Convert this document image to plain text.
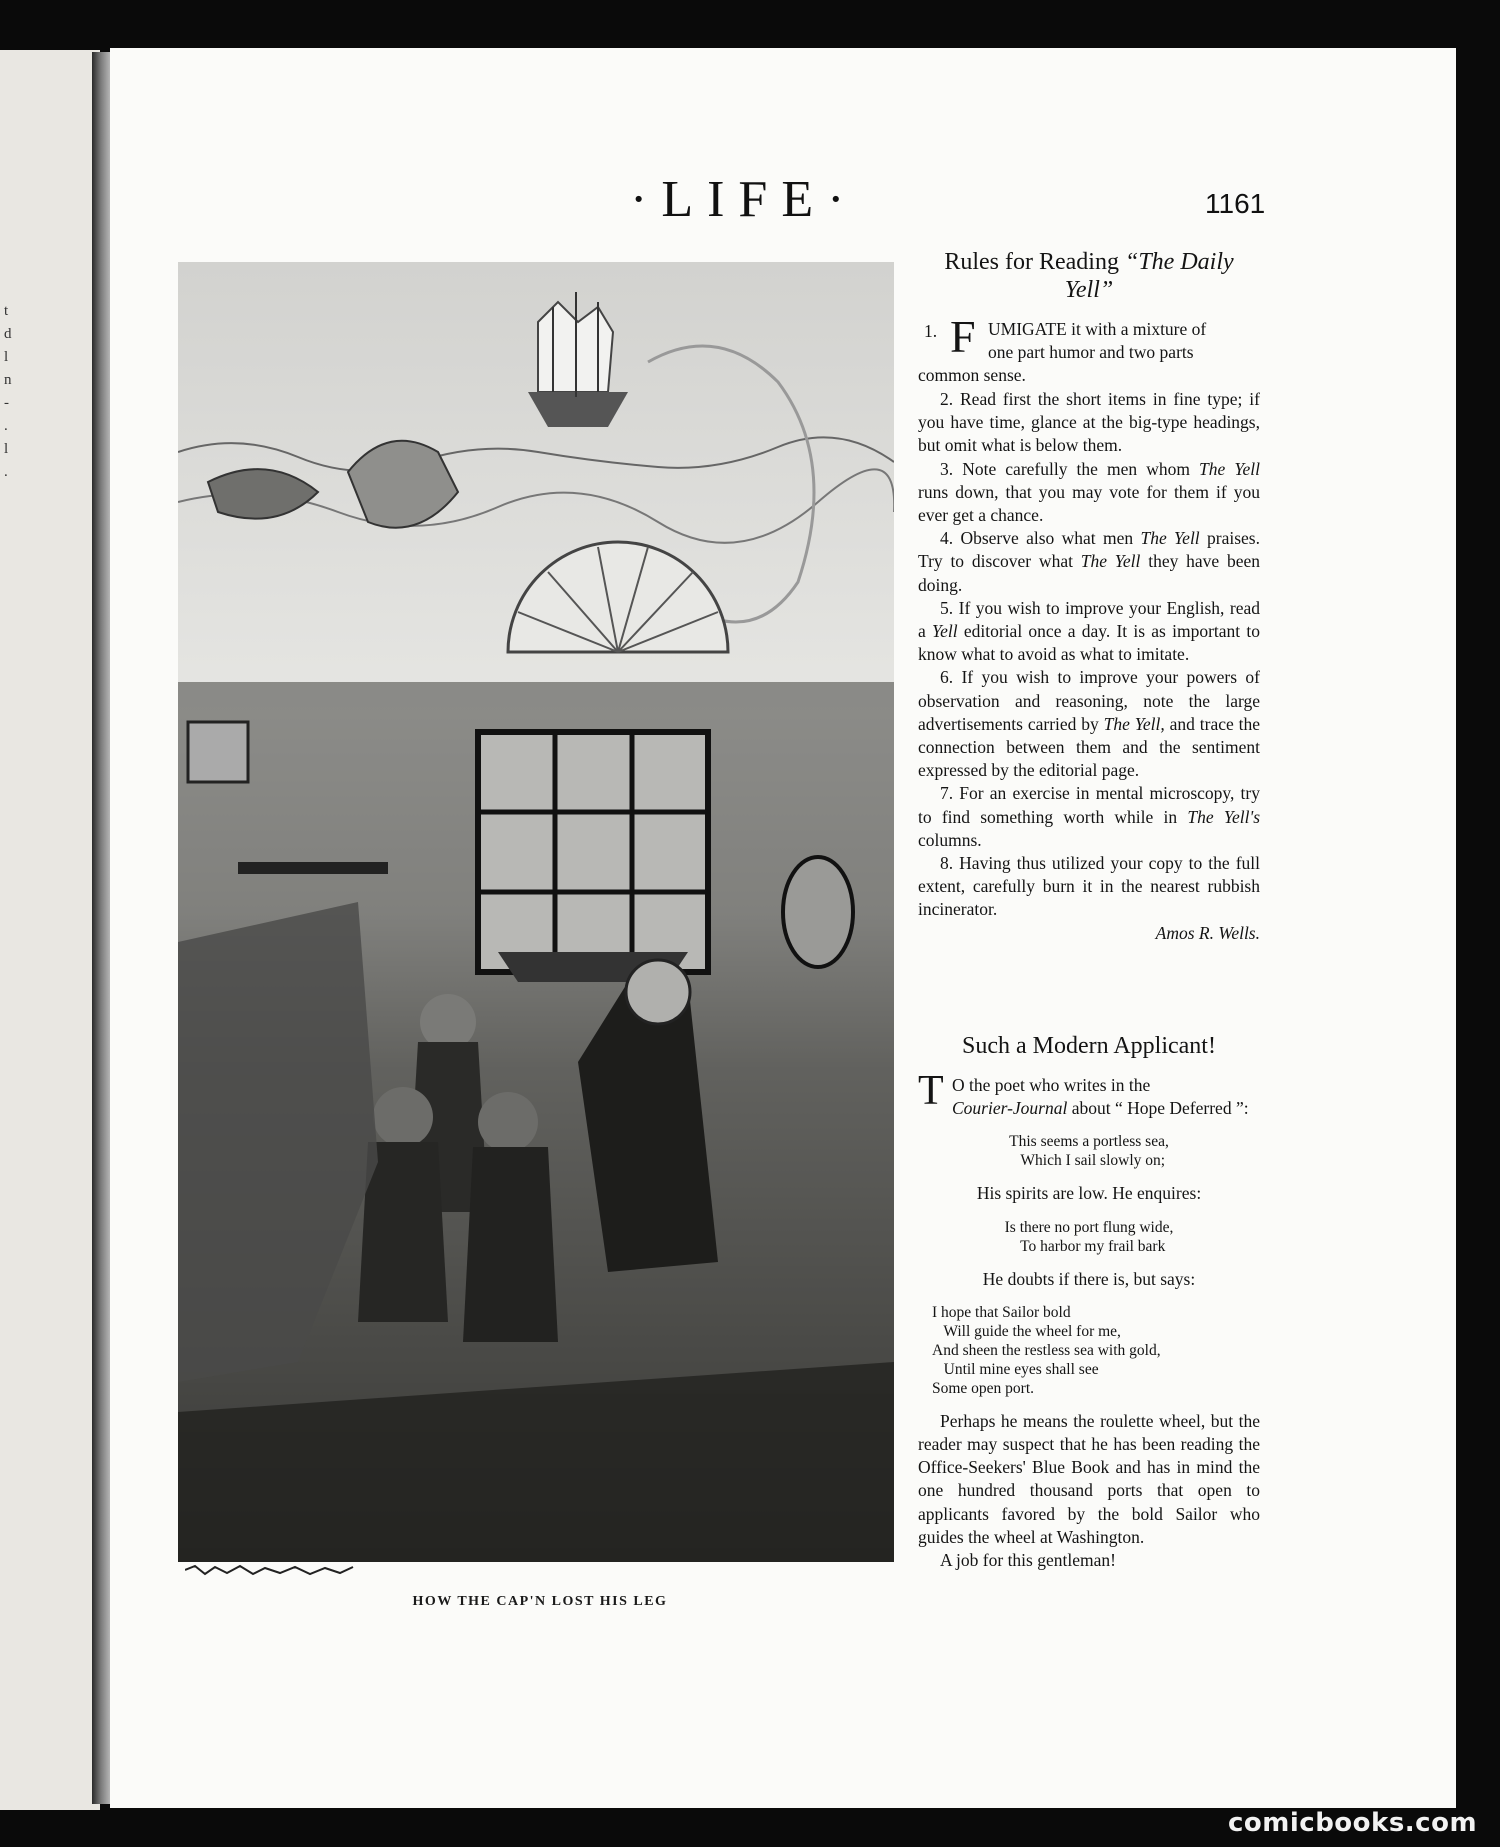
t
d
l
n
-
.
l
.
·LIFE·	1161
HOW THE CAP'N LOST HIS LEG
Rules for Reading “The Daily Yell”
1. F UMIGATE it with a mixture of
one part humor and two parts
common sense.

2. Read first the short items in fine type; if you have time, glance at the big-type headings, but omit what is below them.

3. Note carefully the men whom The Yell runs down, that you may vote for them if you ever get a chance.

4. Observe also what men The Yell praises. Try to discover what The Yell they have been doing.

5. If you wish to improve your English, read a Yell editorial once a day. It is as important to know what to avoid as what to imitate.

6. If you wish to improve your powers of observation and reasoning, note the large advertisements carried by The Yell, and trace the connection between them and the sentiment expressed by the editorial page.

7. For an exercise in mental microscopy, try to find something worth while in The Yell's columns.

8. Having thus utilized your copy to the full extent, carefully burn it in the nearest rubbish incinerator.

Amos R. Wells.

Such a Modern Applicant!
T O the poet who writes in the
Courier-Journal about “ Hope Deferred ”:
This seems a portless sea,
Which I sail slowly on;

His spirits are low. He enquires:

Is there no port flung wide,
To harbor my frail bark

He doubts if there is, but says:

I hope that Sailor bold
Will guide the wheel for me,
And sheen the restless sea with gold,
Until mine eyes shall see
Some open port.

Perhaps he means the roulette wheel, but the reader may suspect that he has been reading the Office-Seekers' Blue Book and has in mind the one hundred thousand ports that open to applicants favored by the bold Sailor who guides the wheel at Washington.

A job for this gentleman!

comicbooks.com
